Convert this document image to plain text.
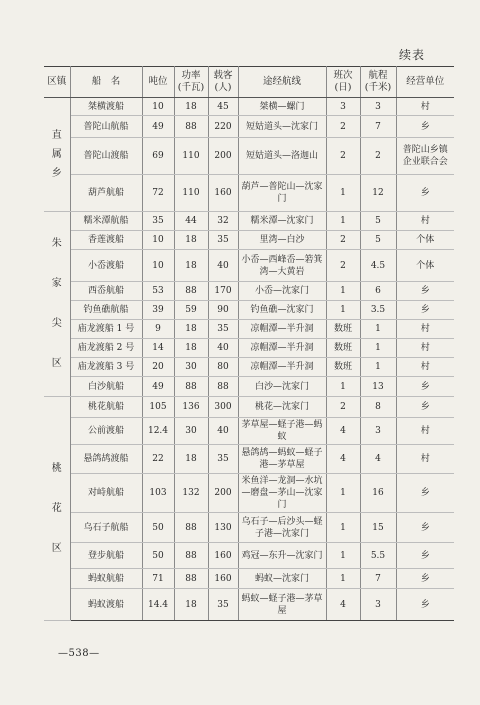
续表
区镇	船　名	吨位	功率(千瓦)	载客(人)	途经航线	班次(日)	航程(千米)	经营单位
直属乡	桀横渡船	10	18	45	桀横—螺门	3	3	村
	普陀山航船	49	88	220	短姑道头—沈家门	2	7	乡
	普陀山渡船	69	110	200	短姑道头—洛迦山	2	2	普陀山乡镇企业联合会
	葫芦航船	72	110	160	葫芦—普陀山—沈家门	1	12	乡
朱家尖区	糯米潭航船	35	44	32	糯米潭—沈家门	1	5	村
	香莲渡船	10	18	35	里湾—白沙	2	5	个体
	小岙渡船	10	18	40	小岙—西峰岙—箬箕湾—大黄岩	2	4.5	个体
	西岙航船	53	88	170	小岙—沈家门	1	6	乡
	钓鱼礁航船	39	59	90	钓鱼礁—沈家门	1	3.5	乡
	庙龙渡船 1 号	9	18	35	凉帽潭—半升洞	数班	1	村
	庙龙渡船 2 号	14	18	40	凉帽潭—半升洞	数班	1	村
	庙龙渡船 3 号	20	30	80	凉帽潭—半升洞	数班	1	村
	白沙航船	49	88	88	白沙—沈家门	1	13	乡
桃花区	桃花航船	105	136	300	桃花—沈家门	2	8	乡
	公前渡船	12.4	30	40	茅草屋—蛏子港—蚂蚁	4	3	村
	悬鸽鸪渡船	22	18	35	悬鸽鸪—蚂蚁—蛏子港—茅草屋	4	4	村
	对峙航船	103	132	200	米鱼洋—龙洞—水坑—磨盘—茅山—沈家门	1	16	乡
	乌石子航船	50	88	130	乌石子—后沙头—蛏子港—沈家门	1	15	乡
	登步航船	50	88	160	鸡冠—东升—沈家门	1	5.5	乡
	蚂蚁航船	71	88	160	蚂蚁—沈家门	1	7	乡
	蚂蚁渡船	14.4	18	35	蚂蚁—蛏子港—茅草屋	4	3	乡
—538—
